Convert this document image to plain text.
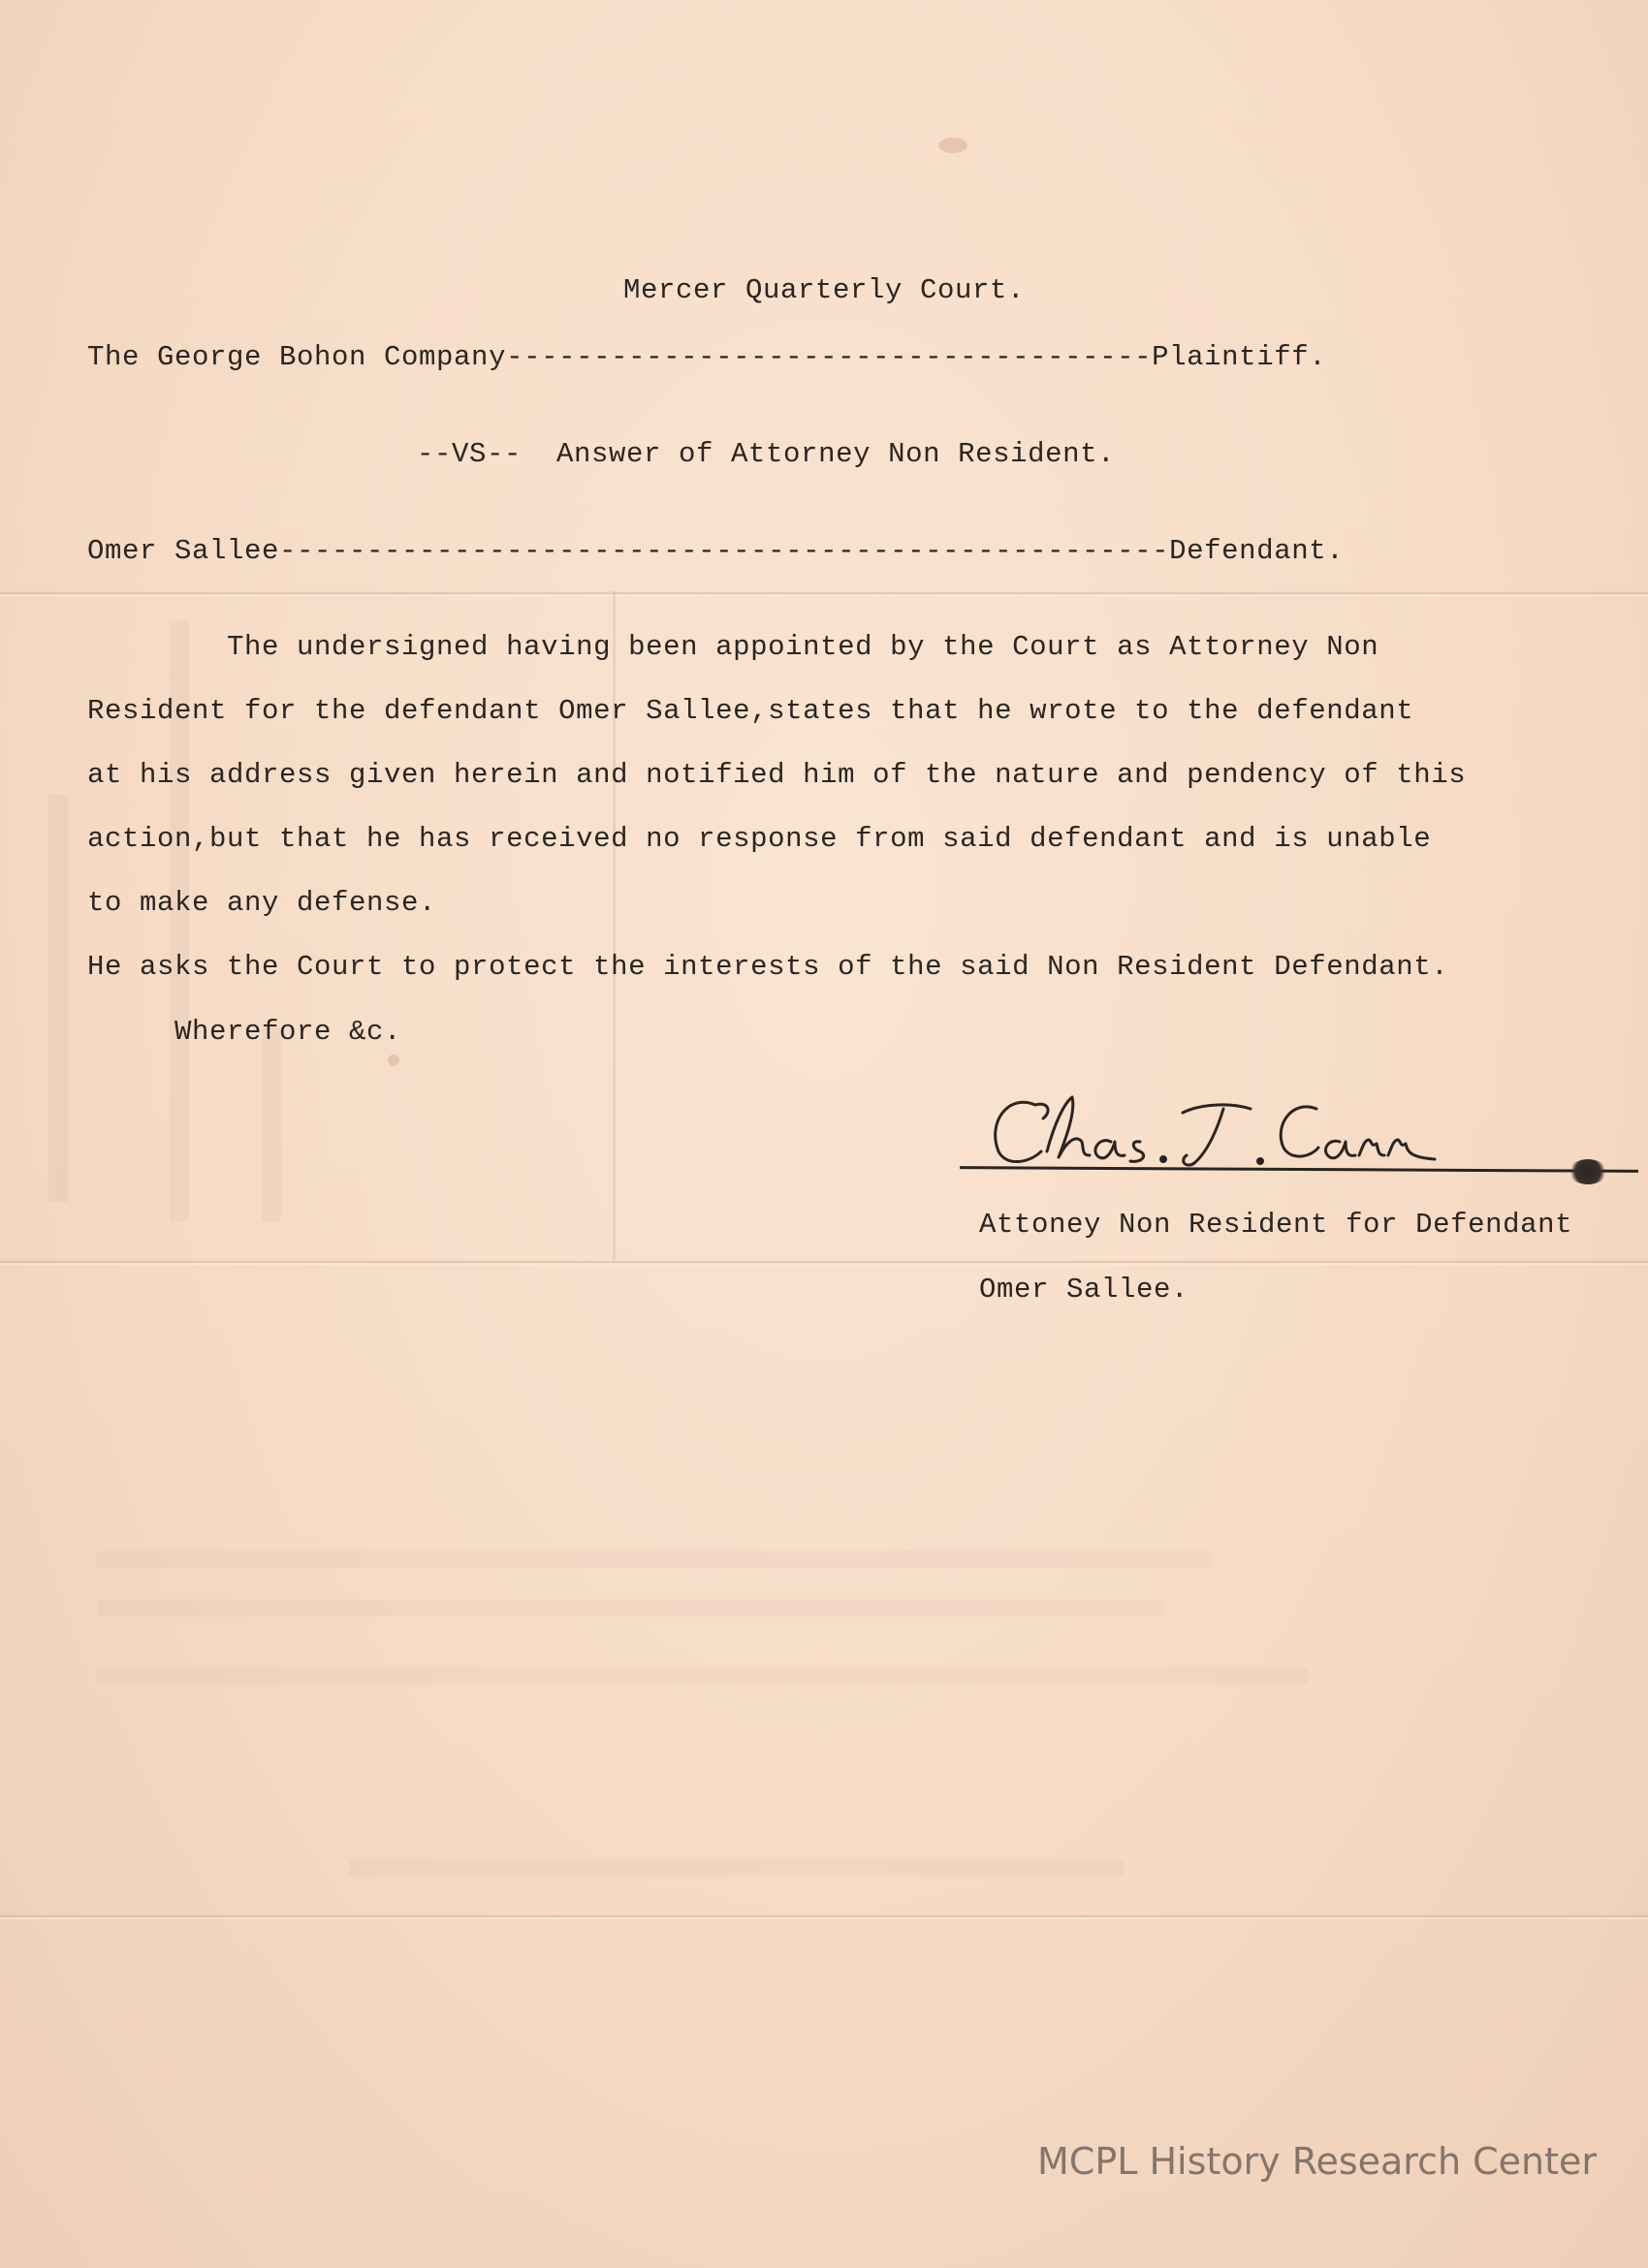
Mercer Quarterly Court.
The George Bohon Company-------------------------------------Plaintiff.
--VS--  Answer of Attorney Non Resident.
Omer Sallee---------------------------------------------------Defendant.
The undersigned having been appointed by the Court as Attorney Non
Resident for the defendant Omer Sallee,states that he wrote to the defendant
at his address given herein and notified him of the nature and pendency of this
action,but that he has received no response from said defendant and is unable
to make any defense.
He asks the Court to protect the interests of the said Non Resident Defendant.
Wherefore &c.
Attoney Non Resident for Defendant
Omer Sallee.
MCPL History Research Center
